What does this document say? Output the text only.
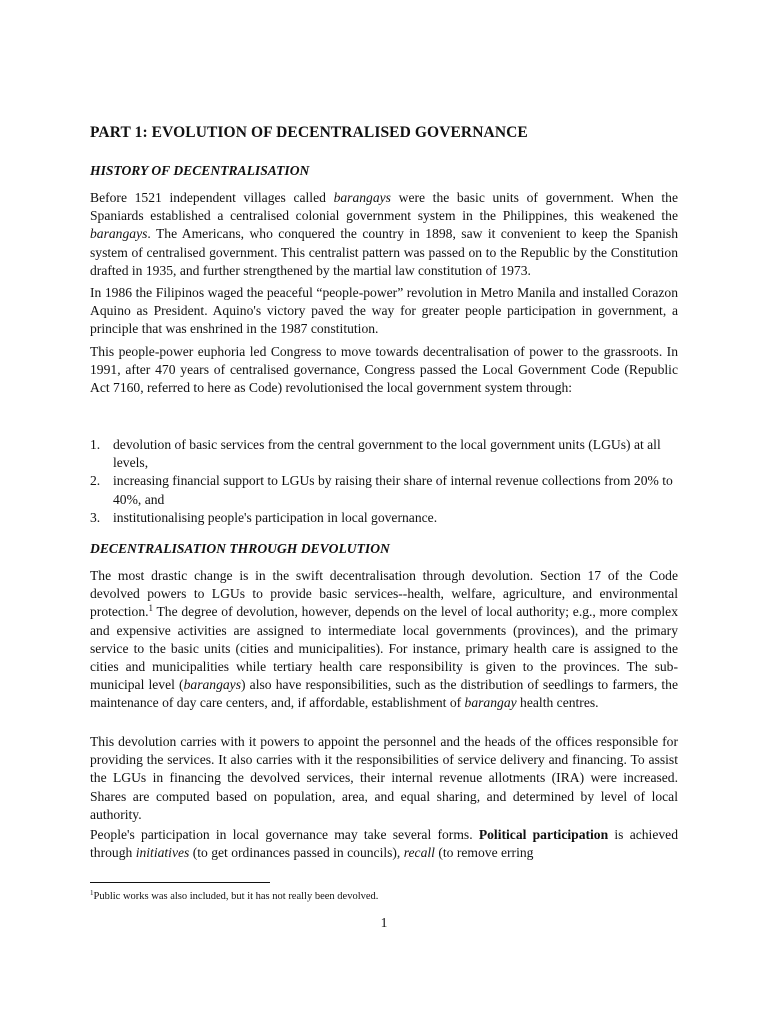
PART 1: EVOLUTION OF DECENTRALISED GOVERNANCE
HISTORY OF DECENTRALISATION

Before 1521 independent villages called barangays were the basic units of government. When the Spaniards established a centralised colonial government system in the Philippines, this weakened the barangays. The Americans, who conquered the country in 1898, saw it convenient to keep the Spanish system of centralised government. This centralist pattern was passed on to the Republic by the Constitution drafted in 1935, and further strengthened by the martial law constitution of 1973.

In 1986 the Filipinos waged the peaceful “people-power” revolution in Metro Manila and installed Corazon Aquino as President. Aquino's victory paved the way for greater people participation in government, a principle that was enshrined in the 1987 constitution.

This people-power euphoria led Congress to move towards decentralisation of power to the grassroots. In 1991, after 470 years of centralised governance, Congress passed the Local Government Code (Republic Act 7160, referred to here as Code) revolutionised the local government system through:

1. devolution of basic services from the central government to the local government units (LGUs) at all levels,
2. increasing financial support to LGUs by raising their share of internal revenue collections from 20% to 40%, and
3. institutionalising people's participation in local governance.
DECENTRALISATION THROUGH DEVOLUTION

The most drastic change is in the swift decentralisation through devolution. Section 17 of the Code devolved powers to LGUs to provide basic services--health, welfare, agriculture, and environmental protection.$^1$ The degree of devolution, however, depends on the level of local authority; e.g., more complex and expensive activities are assigned to intermediate local governments (provinces), and the primary service to the basic units (cities and municipalities). For instance, primary health care is assigned to the cities and municipalities while tertiary health care responsibility is given to the provinces. The sub-municipal level (barangays) also have responsibilities, such as the distribution of seedlings to farmers, the maintenance of day care centers, and, if affordable, establishment of barangay health centres.

This devolution carries with it powers to appoint the personnel and the heads of the offices responsible for providing the services. It also carries with it the responsibilities of service delivery and financing. To assist the LGUs in financing the devolved services, their internal revenue allotments (IRA) were increased. Shares are computed based on population, area, and equal sharing, and determined by level of local authority.

People's participation in local governance may take several forms. Political participation is achieved through initiatives (to get ordinances passed in councils), recall (to remove erring

$^1$Public works was also included, but it has not really been devolved.
1
